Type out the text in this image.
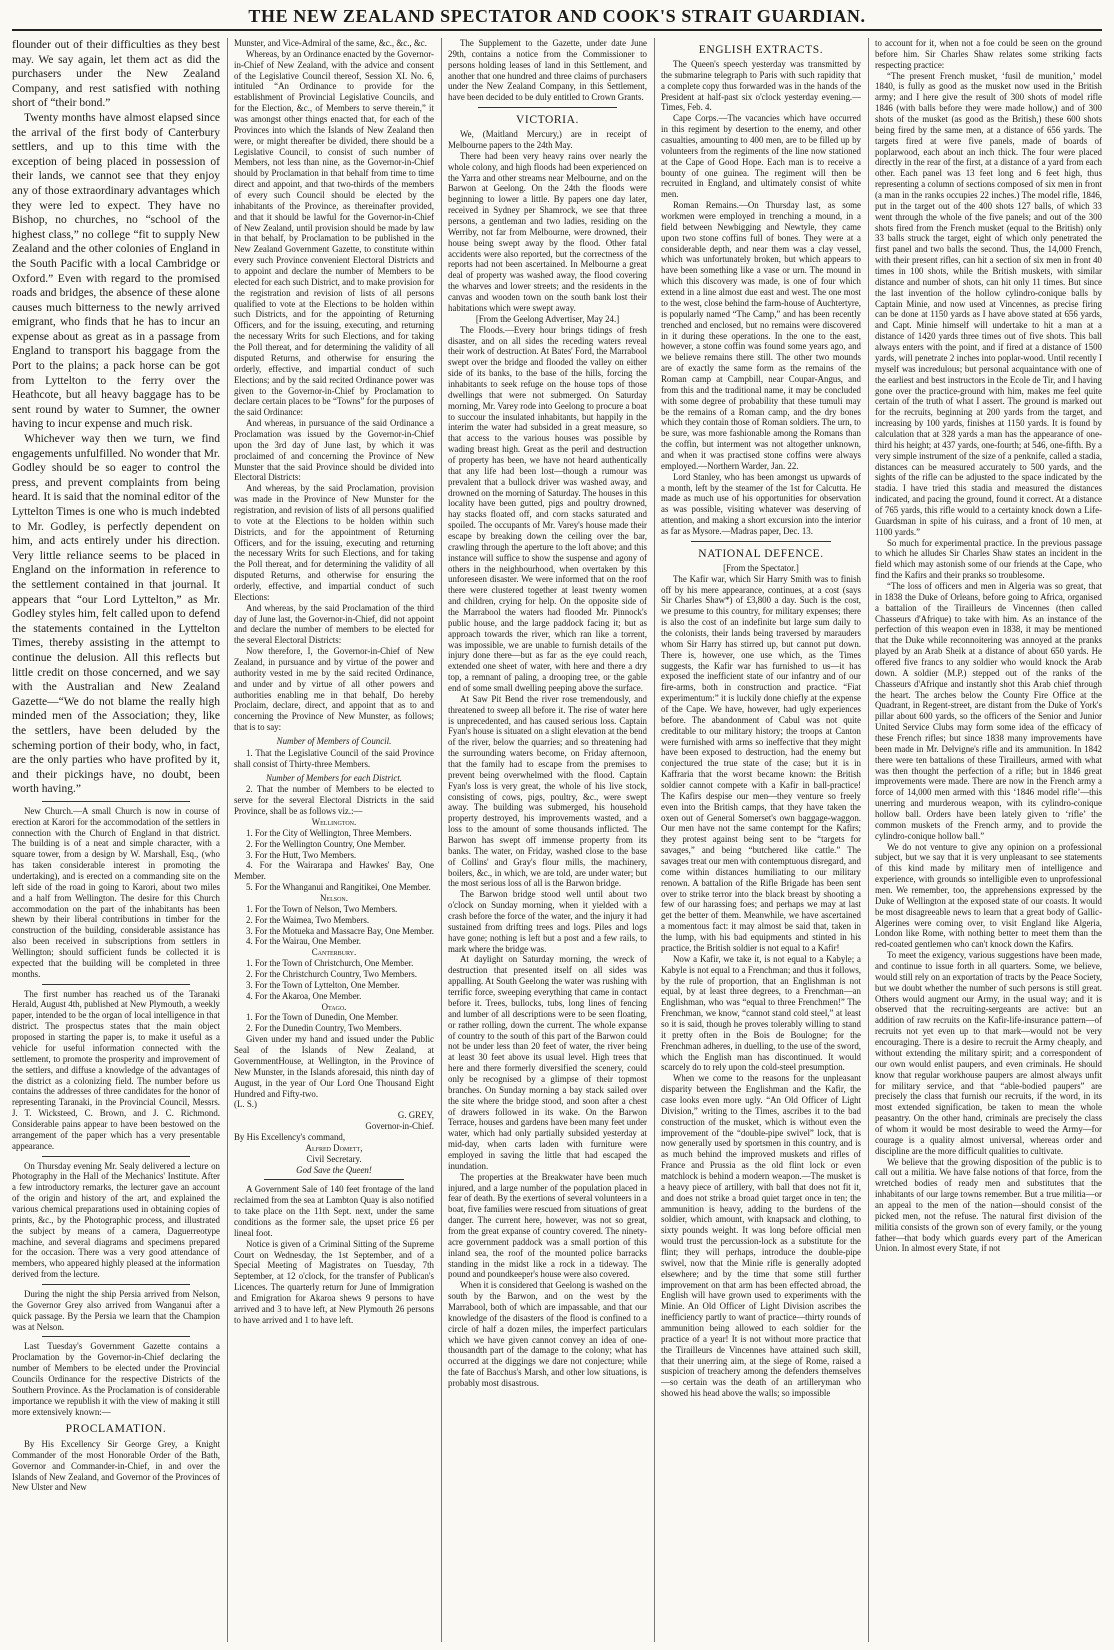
THE NEW ZEALAND SPECTATOR AND COOK'S STRAIT GUARDIAN.

flounder out of their difficulties as they best may. We say again, let them act as did the purchasers under the New Zealand Company, and rest satisfied with nothing short of “their bond.”

Twenty months have almost elapsed since the arrival of the first body of Canterbury settlers, and up to this time with the exception of being placed in possession of their lands, we cannot see that they enjoy any of those extraordinary advantages which they were led to expect. They have no Bishop, no churches, no “school of the highest class,” no college “fit to supply New Zealand and the other colonies of England in the South Pacific with a local Cambridge or Oxford.” Even with regard to the promised roads and bridges, the absence of these alone causes much bitterness to the newly arrived emigrant, who finds that he has to incur an expense about as great as in a passage from England to transport his baggage from the Port to the plains; a pack horse can be got from Lyttelton to the ferry over the Heathcote, but all heavy baggage has to be sent round by water to Sumner, the owner having to incur expense and much risk.

Whichever way then we turn, we find engagements unfulfilled. No wonder that Mr. Godley should be so eager to control the press, and prevent complaints from being heard. It is said that the nominal editor of the Lyttelton Times is one who is much indebted to Mr. Godley, is perfectly dependent on him, and acts entirely under his direction. Very little reliance seems to be placed in England on the information in reference to the settlement contained in that journal. It appears that “our Lord Lyttelton,” as Mr. Godley styles him, felt called upon to defend the statements contained in the Lyttelton Times, thereby assisting in the attempt to continue the delusion. All this reflects but little credit on those concerned, and we say with the Australian and New Zealand Gazette—“We do not blame the really high minded men of the Association; they, like the settlers, have been deluded by the scheming portion of their body, who, in fact, are the only parties who have profited by it, and their pickings have, no doubt, been worth having.”

New Church.—A small Church is now in course of erection at Karori for the accommodation of the settlers in connection with the Church of England in that district. The building is of a neat and simple character, with a square tower, from a design by W. Marshall, Esq., (who has taken considerable interest in promoting the undertaking), and is erected on a commanding site on the left side of the road in going to Karori, about two miles and a half from Wellington. The desire for this Church accommodation on the part of the inhabitants has been shewn by their liberal contributions in timber for the construction of the building, considerable assistance has also been received in subscriptions from settlers in Wellington; should sufficient funds be collected it is expected that the building will be completed in three months.

The first number has reached us of the Taranaki Herald, August 4th, published at New Plymouth, a weekly paper, intended to be the organ of local intelligence in that district. The prospectus states that the main object proposed in starting the paper is, to make it useful as a vehicle for useful information connected with the settlement, to promote the prosperity and improvement of the settlers, and diffuse a knowledge of the advantages of the district as a colonizing field. The number before us contains the addresses of three candidates for the honor of representing Taranaki, in the Provincial Council, Messrs. J. T. Wicksteed, C. Brown, and J. C. Richmond. Considerable pains appear to have been bestowed on the arrangement of the paper which has a very presentable appearance.

On Thursday evening Mr. Sealy delivered a lecture on Photography in the Hall of the Mechanics' Institute. After a few introductory remarks, the lecturer gave an account of the origin and history of the art, and explained the various chemical preparations used in obtaining copies of prints, &c., by the Photographic process, and illustrated the subject by means of a camera, Daguerreotype machine, and several diagrams and specimens prepared for the occasion. There was a very good attendance of members, who appeared highly pleased at the information derived from the lecture.

During the night the ship Persia arrived from Nelson, the Governor Grey also arrived from Wanganui after a quick passage. By the Persia we learn that the Champion was at Nelson.

Last Tuesday's Government Gazette contains a Proclamation by the Governor-in-Chief declaring the number of Members to be elected under the Provincial Councils Ordinance for the respective Districts of the Southern Province. As the Proclamation is of considerable importance we republish it with the view of making it still more extensively known:—

PROCLAMATION.

By His Excellency Sir George Grey, a Knight Commander of the most Honorable Order of the Bath, Governor and Commander-in-Chief, in and over the Islands of New Zealand, and Governor of the Provinces of New Ulster and New

Munster, and Vice-Admiral of the same, &c., &c., &c.

Whereas, by an Ordinance enacted by the Governor-in-Chief of New Zealand, with the advice and consent of the Legislative Council thereof, Session XI. No. 6, intituled “An Ordinance to provide for the establishment of Provincial Legislative Councils, and for the Election, &c., of Members to serve therein,” it was amongst other things enacted that, for each of the Provinces into which the Islands of New Zealand then were, or might thereafter be divided, there should be a Legislative Council, to consist of such number of Members, not less than nine, as the Governor-in-Chief should by Proclamation in that behalf from time to time direct and appoint, and that two-thirds of the members of every such Council should be elected by the inhabitants of the Province, as thereinafter provided, and that it should be lawful for the Governor-in-Chief of New Zealand, until provision should be made by law in that behalf, by Proclamation to be published in the New Zealand Government Gazette, to constitute within every such Province convenient Electoral Districts and to appoint and declare the number of Members to be elected for each such District, and to make provision for the registration and revision of lists of all persons qualified to vote at the Elections to be holden within such Districts, and for the appointing of Returning Officers, and for the issuing, executing, and returning the necessary Writs for such Elections, and for taking the Poll thereat, and for determining the validity of all disputed Returns, and otherwise for ensuring the orderly, effective, and impartial conduct of such Elections; and by the said recited Ordinance power was given to the Governor-in-Chief by Proclamation to declare certain places to be “Towns” for the purposes of the said Ordinance:

And whereas, in pursuance of the said Ordinance a Proclamation was issued by the Governor-in-Chief upon the 3rd day of June last, by which it was proclaimed of and concerning the Province of New Munster that the said Province should be divided into Electoral Districts:

And whereas, by the said Proclamation, provision was made in the Province of New Munster for the registration, and revision of lists of all persons qualified to vote at the Elections to be holden within such Districts, and for the appointment of Returning Officers, and for the issuing, executing and returning the necessary Writs for such Elections, and for taking the Poll thereat, and for determining the validity of all disputed Returns, and otherwise for ensuring the orderly, effective, and impartial conduct of such Elections:

And whereas, by the said Proclamation of the third day of June last, the Governor-in-Chief, did not appoint and declare the number of members to be elected for the several Electoral Districts:

Now therefore, I, the Governor-in-Chief of New Zealand, in pursuance and by virtue of the power and authority vested in me by the said recited Ordinance, and under and by virtue of all other powers and authorities enabling me in that behalf, Do hereby Proclaim, declare, direct, and appoint that as to and concerning the Province of New Munster, as follows; that is to say:

Number of Members of Council.

1. That the Legislative Council of the said Province shall consist of Thirty-three Members.

Number of Members for each District.

2. That the number of Members to be elected to serve for the several Electoral Districts in the said Province, shall be as follows viz.:—

Wellington.

1. For the City of Wellington, Three Members.

2. For the Wellington Country, One Member.

3. For the Hutt, Two Members.

4. For the Wairarapa and Hawkes' Bay, One Member.

5. For the Whanganui and Rangitikei, One Member.

Nelson.

1. For the Town of Nelson, Two Members.

2. For the Waimea, Two Members.

3. For the Motueka and Massacre Bay, One Member.

4. For the Wairau, One Member.

Canterbury.

1. For the Town of Christchurch, One Member.

2. For the Christchurch Country, Two Members.

3. For the Town of Lyttelton, One Member.

4. For the Akaroa, One Member.

Otago.

1. For the Town of Dunedin, One Member.

2. For the Dunedin Country, Two Members.

Given under my hand and issued under the Public Seal of the Islands of New Zealand, at GovernmentHouse, at Wellington, in the Province of New Munster, in the Islands aforesaid, this ninth day of August, in the year of Our Lord One Thousand Eight Hundred and Fifty-two.

(L. S.)

G. GREY,
Governor-in-Chief.

By His Excellency's command,

Alfred Domett,
Civil Secretary.
God Save the Queen!

A Government Sale of 140 feet frontage of the land reclaimed from the sea at Lambton Quay is also notified to take place on the 11th Sept. next, under the same conditions as the former sale, the upset price £6 per lineal foot.

Notice is given of a Criminal Sitting of the Supreme Court on Wednesday, the 1st September, and of a Special Meeting of Magistrates on Tuesday, 7th September, at 12 o'clock, for the transfer of Publican's Licences. The quarterly return for June of Immigration and Emigration for Akaroa shews 9 persons to have arrived and 3 to have left, at New Plymouth 26 persons to have arrived and 1 to have left.

The Supplement to the Gazette, under date June 29th, contains a notice from the Commissioner to persons holding leases of land in this Settlement, and another that one hundred and three claims of purchasers under the New Zealand Company, in this Settlement, have been decided to be duly entitled to Crown Grants.

VICTORIA.

We, (Maitland Mercury,) are in receipt of Melbourne papers to the 24th May.

There had been very heavy rains over nearly the whole colony, and high floods had been experienced on the Yarra and other streams near Melbourne, and on the Barwon at Geelong. On the 24th the floods were beginning to lower a little. By papers one day later, received in Sydney per Shamrock, we see that three persons, a gentleman and two ladies, residing on the Werriby, not far from Melbourne, were drowned, their house being swept away by the flood. Other fatal accidents were also reported, but the correctness of the reports had not been ascertained. In Melbourne a great deal of property was washed away, the flood covering the wharves and lower streets; and the residents in the canvas and wooden town on the south bank lost their habitations which were swept away.

[From the Geelong Advertiser, May 24.]

The Floods.—Every hour brings tidings of fresh disaster, and on all sides the receding waters reveal their work of destruction. At Bates' Ford, the Marrabool swept over the bridge and flooded the valley on either side of its banks, to the base of the hills, forcing the inhabitants to seek refuge on the house tops of those dwellings that were not submerged. On Saturday morning, Mr. Varey rode into Geelong to procure a boat to succour the insulated inhabitants, but happily in the interim the water had subsided in a great measure, so that access to the various houses was possible by wading breast high. Great as the peril and destruction of property has been, we have not heard authentically that any life had been lost—though a rumour was prevalent that a bullock driver was washed away, and drowned on the morning of Saturday. The houses in this locality have been gutted, pigs and poultry drowned, hay stacks floated off, and corn stacks saturated and spoiled. The occupants of Mr. Varey's house made their escape by breaking down the ceiling over the bar, crawling through the aperture to the loft above; and this instance will suffice to show the suspense and agony of others in the neighbourhood, when overtaken by this unforeseen disaster. We were informed that on the roof there were clustered together at least twenty women and children, crying for help. On the opposite side of the Marrabool the waters had flooded Mr. Pinnock's public house, and the large paddock facing it; but as approach towards the river, which ran like a torrent, was impossible, we are unable to furnish details of the injury done there—but as far as the eye could reach, extended one sheet of water, with here and there a dry top, a remnant of paling, a drooping tree, or the gable end of some small dwelling peeping above the surface.

At Saw Pit Bend the river rose tremendously, and threatened to sweep all before it. The rise of water here is unprecedented, and has caused serious loss. Captain Fyan's house is situated on a slight elevation at the bend of the river, below the quarries; and so threatening had the surrounding waters become, on Friday afternoon, that the family had to escape from the premises to prevent being overwhelmed with the flood. Captain Fyan's loss is very great, the whole of his live stock, consisting of cows, pigs, poultry, &c., were swept away. The building was submerged, his household property destroyed, his improvements wasted, and a loss to the amount of some thousands inflicted. The Barwon has swept off immense property from its banks. The water, on Friday, washed close to the base of Collins' and Gray's flour mills, the machinery, boilers, &c., in which, we are told, are under water; but the most serious loss of all is the Barwon bridge.

The Barwon bridge stood well until about two o'clock on Sunday morning, when it yielded with a crash before the force of the water, and the injury it had sustained from drifting trees and logs. Piles and logs have gone; nothing is left but a post and a few rails, to mark where the bridge was.

At daylight on Saturday morning, the wreck of destruction that presented itself on all sides was appalling. At South Geelong the water was rushing with terrific force, sweeping everything that came in contact before it. Trees, bullocks, tubs, long lines of fencing and lumber of all descriptions were to be seen floating, or rather rolling, down the current. The whole expanse of country to the south of this part of the Barwon could not be under less than 20 feet of water, the river being at least 30 feet above its usual level. High trees that here and there formerly diversified the scenery, could only be recognised by a glimpse of their topmost branches. On Sunday morning a bay stack sailed over the site where the bridge stood, and soon after a chest of drawers followed in its wake. On the Barwon Terrace, houses and gardens have been many feet under water, which had only partially subsided yesterday at mid-day, when carts laden with furniture were employed in saving the little that had escaped the inundation.

The properties at the Breakwater have been much injured, and a large number of the population placed in fear of death. By the exertions of several volunteers in a boat, five families were rescued from situations of great danger. The current here, however, was not so great, from the great expanse of country covered. The ninety-acre government paddock was a small portion of this inland sea, the roof of the mounted police barracks standing in the midst like a rock in a tideway. The pound and poundkeeper's house were also covered.

When it is considered that Geelong is washed on the south by the Barwon, and on the west by the Marrabool, both of which are impassable, and that our knowledge of the disasters of the flood is confined to a circle of half a dozen miles, the imperfect particulars which we have given cannot convey an idea of one-thousandth part of the damage to the colony; what has occurred at the diggings we dare not conjecture; while the fate of Bacchus's Marsh, and other low situations, is probably most disastrous.

ENGLISH EXTRACTS.

The Queen's speech yesterday was transmitted by the submarine telegraph to Paris with such rapidity that a complete copy thus forwarded was in the hands of the President at half-past six o'clock yesterday evening.—Times, Feb. 4.

Cape Corps.—The vacancies which have occurred in this regiment by desertion to the enemy, and other casualties, amounting to 400 men, are to be filled up by volunteers from the regiments of the line now stationed at the Cape of Good Hope. Each man is to receive a bounty of one guinea. The regiment will then be recruited in England, and ultimately consist of white men.

Roman Remains.—On Thursday last, as some workmen were employed in trenching a mound, in a field between Newbigging and Newtyle, they came upon two stone coffins full of bones. They were at a considerable depth, and near them was a clay vessel, which was unfortunately broken, but which appears to have been something like a vase or urn. The mound in which this discovery was made, is one of four which extend in a line almost due east and west. The one most to the west, close behind the farm-house of Auchtertyre, is popularly named “The Camp,” and has been recently trenched and enclosed, but no remains were discovered in it during these operations. In the one to the east, however, a stone coffin was found some years ago, and we believe remains there still. The other two mounds are of exactly the same form as the remains of the Roman camp at Campbill, near Coupar-Angus, and from this and the traditional name, it may be concluded with some degree of probability that these tumuli may be the remains of a Roman camp, and the dry bones which they contain those of Roman soldiers. The urn, to be sure, was more fashionable among the Romans than the coffin, but interment was not altogether unknown, and when it was practised stone coffins were always employed.—Northern Warder, Jan. 22.

Lord Stanley, who has been amongst us upwards of a month, left by the steamer of the 1st for Calcutta. He made as much use of his opportunities for observation as was possible, visiting whatever was deserving of attention, and making a short excursion into the interior as far as Mysore.—Madras paper, Dec. 13.

NATIONAL DEFENCE.
[From the Spectator.]

The Kafir war, which Sir Harry Smith was to finish off by his mere appearance, continues, at a cost (says Sir Charles Shaw*) of £3,800 a day. Such is the cost, we presume to this country, for military expenses; there is also the cost of an indefinite but large sum daily to the colonists, their lands being traversed by marauders whom Sir Harry has stirred up, but cannot put down. There is, however, one use which, as the Times suggests, the Kafir war has furnished to us—it has exposed the inefficient state of our infantry and of our fire-arms, both in construction and practice. “Fiat experimentum:” it is luckily done chiefly at the expense of the Cape. We have, however, had ugly experiences before. The abandonment of Cabul was not quite creditable to our military history; the troops at Canton were furnished with arms so ineffective that they might have been exposed to destruction, had the enemy but conjectured the true state of the case; but it is in Kaffraria that the worst became known: the British soldier cannot compete with a Kafir in ball-practice! The Kafirs despise our men—they venture so freely even into the British camps, that they have taken the oxen out of General Somerset's own baggage-waggon. Our men have not the same contempt for the Kafirs; they protest against being sent to be “targets for savages,” and being “butchered like cattle.” The savages treat our men with contemptuous disregard, and come within distances humiliating to our military renown. A battalion of the Rifle Brigade has been sent over to strike terror into the black breast by shooting a few of our harassing foes; and perhaps we may at last get the better of them. Meanwhile, we have ascertained a momentous fact: it may almost be said that, taken in the lump, with his bad equipments and stinted in his practice, the British soldier is not equal to a Kafir!

Now a Kafir, we take it, is not equal to a Kabyle; a Kabyle is not equal to a Frenchman; and thus it follows, by the rule of proportion, that an Englishman is not equal, by at least three degrees, to a Frenchman—an Englishman, who was “equal to three Frenchmen!” The Frenchman, we know, “cannot stand cold steel,” at least so it is said, though he proves tolerably willing to stand it pretty often in the Bois de Boulogne; for the Frenchman adheres, in duelling, to the use of the sword, which the English man has discontinued. It would scarcely do to rely upon the cold-steel presumption.

When we come to the reasons for the unpleasant disparity between the Englishman and the Kafir, the case looks even more ugly. “An Old Officer of Light Division,” writing to the Times, ascribes it to the bad construction of the musket, which is without even the improvement of the “double-pipe swivel” lock, that is now generally used by sportsmen in this country, and is as much behind the improved muskets and rifles of France and Prussia as the old flint lock or even matchlock is behind a modern weapon.—The musket is a heavy piece of artillery, with ball that does not fit it, and does not strike a broad quiet target once in ten; the ammunition is heavy, adding to the burdens of the soldier, which amount, with knapsack and clothing, to sixty pounds weight. It was long before official men would trust the percussion-lock as a substitute for the flint; they will perhaps, introduce the double-pipe swivel, now that the Minie rifle is generally adopted elsewhere; and by the time that some still further improvement on that arm has been effected abroad, the English will have grown used to experiments with the Minie. An Old Officer of Light Division ascribes the inefficiency partly to want of practice—thirty rounds of ammunition being allowed to each soldier for the practice of a year! It is not without more practice that the Tirailleurs de Vincennes have attained such skill, that their unerring aim, at the siege of Rome, raised a suspicion of treachery among the defenders themselves—so certain was the death of an artilleryman who showed his head above the walls; so impossible

to account for it, when not a foe could be seen on the ground before him. Sir Charles Shaw relates some striking facts respecting practice:

“The present French musket, ‘fusil de munition,’ model 1840, is fully as good as the musket now used in the British army; and I here give the result of 300 shots of model rifle 1846 (with balls before they were made hollow,) and of 300 shots of the musket (as good as the British,) these 600 shots being fired by the same men, at a distance of 656 yards. The targets fired at were five panels, made of boards of poplarwood, each about an inch thick. The four were placed directly in the rear of the first, at a distance of a yard from each other. Each panel was 13 feet long and 6 feet high, thus representing a column of sections composed of six men in front (a man in the ranks occupies 22 inches.) The model rifle, 1846, put in the target out of the 400 shots 127 balls, of which 33 went through the whole of the five panels; and out of the 300 shots fired from the French musket (equal to the British) only 33 balls struck the target, eight of which only penetrated the first panel and two balls the second. Thus, the 14,000 French, with their present rifles, can hit a section of six men in front 40 times in 100 shots, while the British muskets, with similar distance and number of shots, can hit only 11 times. But since the last invention of the hollow cylindro-conique balls by Captain Minie, and now used at Vincennes, as precise firing can be done at 1150 yards as I have above stated at 656 yards, and Capt. Minie himself will undertake to hit a man at a distance of 1420 yards three times out of five shots. This ball always enters with the point, and if fired at a distance of 1500 yards, will penetrate 2 inches into poplar-wood. Until recently I myself was incredulous; but personal acquaintance with one of the earliest and best instructors in the Ecole de Tir, and I having gone over the practice-ground with him, makes me feel quite certain of the truth of what I assert. The ground is marked out for the recruits, beginning at 200 yards from the target, and increasing by 100 yards, finishes at 1150 yards. It is found by calculation that at 328 yards a man has the appearance of one-third his height; at 437 yards, one-fourth; at 546, one-fifth. By a very simple instrument of the size of a penknife, called a stadia, distances can be measured accurately to 500 yards, and the sights of the rifle can be adjusted to the space indicated by the stadia. I have tried this stadia and measured the distances indicated, and pacing the ground, found it correct. At a distance of 765 yards, this rifle would to a certainty knock down a Life-Guardsman in spite of his cuirass, and a front of 10 men, at 1100 yards.”

So much for experimental practice. In the previous passage to which he alludes Sir Charles Shaw states an incident in the field which may astonish some of our friends at the Cape, who find the Kafirs and their pranks so troublesome.

“The loss of officers and men in Algeria was so great, that in 1838 the Duke of Orleans, before going to Africa, organised a battalion of the Tirailleurs de Vincennes (then called Chasseurs d'Afrique) to take with him. As an instance of the perfection of this weapon even in 1838, it may be mentioned that the Duke while reconnoitering was annoyed at the pranks played by an Arab Sheik at a distance of about 650 yards. He offered five francs to any soldier who would knock the Arab down. A soldier (M.P.) stepped out of the ranks of the Chasseurs d'Afrique and instantly shot this Arab chief through the heart. The arches below the County Fire Office at the Quadrant, in Regent-street, are distant from the Duke of York's pillar about 600 yards, so the officers of the Senior and Junior United Service Clubs may form some idea of the efficacy of these French rifles; but since 1838 many improvements have been made in Mr. Delvigne's rifle and its ammunition. In 1842 there were ten battalions of these Tirailleurs, armed with what was then thought the perfection of a rifle; but in 1846 great improvements were made. There are now in the French army a force of 14,000 men armed with this ‘1846 model rifle’—this unerring and murderous weapon, with its cylindro-conique hollow ball. Orders have been lately given to ‘rifle’ the common muskets of the French army, and to provide the cylindro-conique hollow ball.”

We do not venture to give any opinion on a professional subject, but we say that it is very unpleasant to see statements of this kind made by military men of intelligence and experience, with grounds so intelligible even to unprofessional men. We remember, too, the apprehensions expressed by the Duke of Wellington at the exposed state of our coasts. It would be most disagreeable news to learn that a great body of Gallic-Algerines were coming over, to visit England like Algeria, London like Rome, with nothing better to meet them than the red-coated gentlemen who can't knock down the Kafirs.

To meet the exigency, various suggestions have been made, and continue to issue forth in all quarters. Some, we believe, would still rely on an exportation of tracts by the Peace Society, but we doubt whether the number of such persons is still great. Others would augment our Army, in the usual way; and it is observed that the recruiting-sergeants are active: but an addition of raw recruits on the Kafir-life-insurance pattern—of recruits not yet even up to that mark—would not be very encouraging. There is a desire to recruit the Army cheaply, and without extending the military spirit; and a correspondent of our own would enlist paupers, and even criminals. He should know that regular workhouse paupers are almost always unfit for military service, and that “able-bodied paupers” are precisely the class that furnish our recruits, if the word, in its most extended signification, be taken to mean the whole peasantry. On the other hand, criminals are precisely the class of whom it would be most desirable to weed the Army—for courage is a quality almost universal, whereas order and discipline are the more difficult qualities to cultivate.

We believe that the growing disposition of the public is to call out a militia. We have false notions of that force, from the wretched bodies of ready men and substitutes that the inhabitants of our large towns remember. But a true militia—or an appeal to the men of the nation—should consist of the picked men, not the refuse. The natural first division of the militia consists of the grown son of every family, or the young father—that body which guards every part of the American Union. In almost every State, if not
